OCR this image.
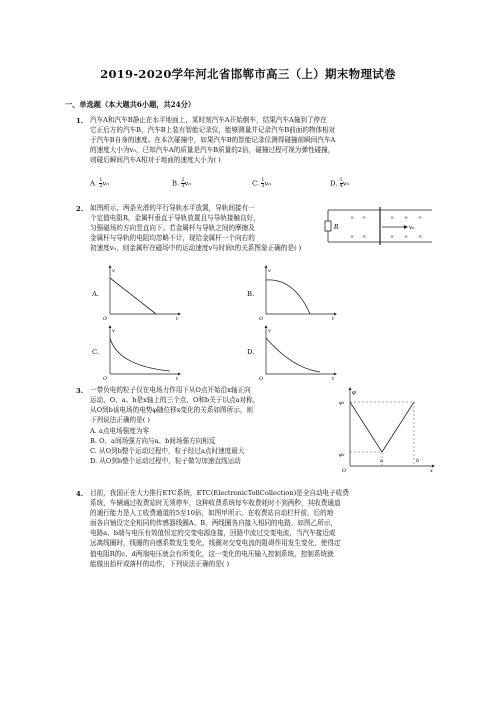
2019-2020学年河北省邯郸市高三（上）期末物理试卷
一、单选题（本大题共6小题，共24分）
1. 汽车A和汽车B静止在水平地面上，某时刻汽车A开始倒车，结果汽车A撞到了停在
它正后方的汽车B，汽车B上装有智能记录仪，能够测量并记录汽车B前面的物体相对
于汽车B自身的速度。在本次碰撞中，如果汽车B的智能记录仪测得碰撞前瞬间汽车A
的速度大小为v₀，已知汽车A的质量是汽车B质量的2倍，碰撞过程可视为弹性碰撞，
则碰后瞬间汽车A相对于地面的速度大小为( )
A. $\frac{1}{2} v_0$	B. $\frac{2}{3} v_0$	C. $\frac{1}{3} v_0$	D. $\frac{1}{4} v_0$
2. 如图所示，两条光滑的平行导轨水平放置，导轨间接有一
个定值电阻R，金属杆垂直于导轨放置且与导轨接触良好，
匀强磁场的方向竖直向下。若金属杆与导轨之间的摩擦及
金属杆与导轨的电阻均忽略不计，现给金属杆一个向右的
初速度v₀，则金属杆在磁场中的运动速度v与时间t的关系图象正确的是( )
R	v₀
× ×	× × ×
× ×	× × ×
A.
v
t
O
B.
v
t
O
C.
v
t
O
D.
v
t
O
3. 一带负电的粒子仅在电场力作用下从O点开始沿x轴正向
运动，O、a、b是x轴上的三个点，O和b关于以点a对称，
从O到b该电场的电势φ随位移x变化的关系如图所示，则
下列说法正确的是( )
A. a点电场强度为零
B. O、a间场强方向与a、b间场强方向相反
C. 从O到b整个运动过程中，粒子经过a点时速度最大
D. 从O到b整个运动过程中，粒子做匀加速直线运动
φ
x
O
φ₁
φ₂
a	b
4. 目前，我国正在大力推行ETC系统，ETC(ElectronicTollCollection)是全自动电子收费
系统，车辆通过收费站时无须停车，这种收费系统每车收费耗时不到两秒，其收费通道
的通行能力是人工收费通道的5至10倍，如图甲所示，在收费站自动栏杆前，后的地
面各自铺设完全相同的传感器线圈A、B，两线圈各自接入相同的电路，如图乙所示，
电路a、b端与电压有效值恒定的交变电源连接，回路中流过交变电流，当汽车接近或
远离线圈时，线圈的自感系数发生变化，线圈对交变电流的阻碍作用发生变化，使得定
值电阻R的c、d两端电压就会有所变化，这一变化的电压输入控制系统，控制系统就
能做出抬杆或落杆的动作，下列说法正确的是( )
